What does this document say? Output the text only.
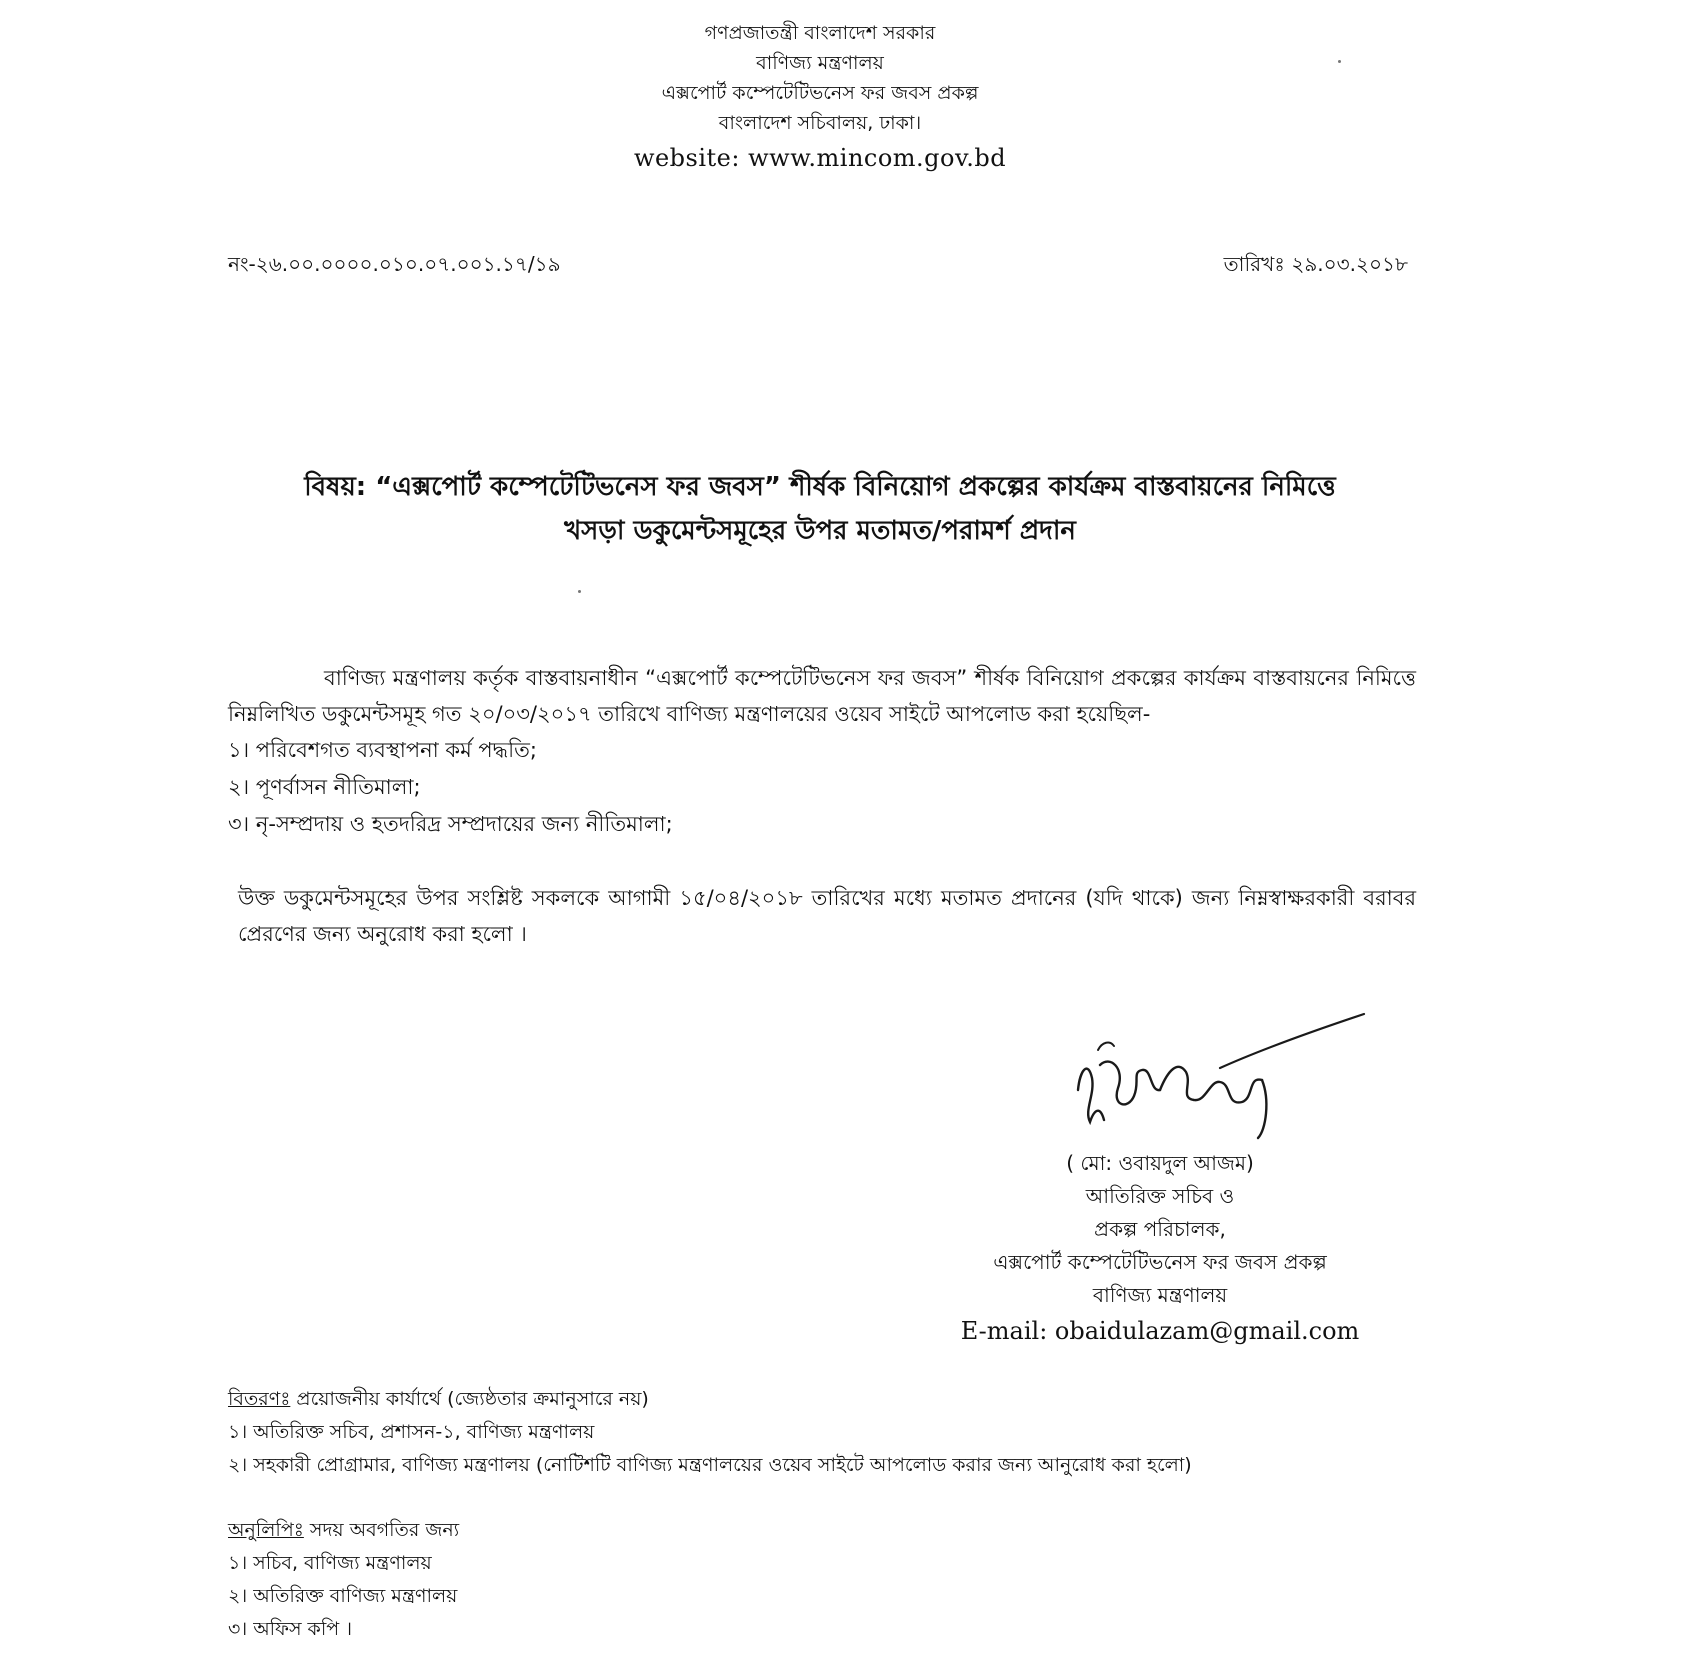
গণপ্রজাতন্ত্রী বাংলাদেশ সরকার
বাণিজ্য মন্ত্রণালয়
এক্সপোর্ট কম্পেটেটিভনেস ফর জবস প্রকল্প
বাংলাদেশ সচিবালয়, ঢাকা।
website: www.mincom.gov.bd
নং-২৬.০০.০০০০.০১০.০৭.০০১.১৭/১৯	তারিখঃ ২৯.০৩.২০১৮
বিষয়: “এক্সপোর্ট কম্পেটেটিভনেস ফর জবস” শীর্ষক বিনিয়োগ প্রকল্পের কার্যক্রম বাস্তবায়নের নিমিত্তে
খসড়া ডকুমেন্টসমূহের উপর মতামত/পরামর্শ প্রদান

বাণিজ্য মন্ত্রণালয় কর্তৃক বাস্তবায়নাধীন “এক্সপোর্ট কম্পেটেটিভনেস ফর জবস” শীর্ষক বিনিয়োগ প্রকল্পের কার্যক্রম বাস্তবায়নের নিমিত্তে নিম্নলিখিত ডকুমেন্টসমূহ গত ২০/০৩/২০১৭ তারিখে বাণিজ্য মন্ত্রণালয়ের ওয়েব সাইটে আপলোড করা হয়েছিল-

১। পরিবেশগত ব্যবস্থাপনা কর্ম পদ্ধতি;
২। পূণর্বাসন নীতিমালা;
৩। নৃ-সম্প্রদায় ও হতদরিদ্র সম্প্রদায়ের জন্য নীতিমালা;

উক্ত ডকুমেন্টসমূহের উপর সংশ্লিষ্ট সকলকে আগামী ১৫/০৪/২০১৮ তারিখের মধ্যে মতামত প্রদানের (যদি থাকে) জন্য নিম্নস্বাক্ষরকারী বরাবর প্রেরণের জন্য অনুরোধ করা হলো ।

( মো: ওবায়দুল আজম)
আতিরিক্ত সচিব ও
প্রকল্প পরিচালক,
এক্সপোর্ট কম্পেটেটিভনেস ফর জবস প্রকল্প
বাণিজ্য মন্ত্রণালয়
E-mail: obaidulazam@gmail.com
বিতরণঃ প্রয়োজনীয় কার্যার্থে (জ্যেষ্ঠতার ক্রমানুসারে নয়)
১। অতিরিক্ত সচিব, প্রশাসন-১, বাণিজ্য মন্ত্রণালয়
২। সহকারী প্রোগ্রামার, বাণিজ্য মন্ত্রণালয় (নোটিশটি বাণিজ্য মন্ত্রণালয়ের ওয়েব সাইটে আপলোড করার জন্য আনুরোধ করা হলো)
অনুলিপিঃ সদয় অবগতির জন্য
১। সচিব, বাণিজ্য মন্ত্রণালয়
২। অতিরিক্ত বাণিজ্য মন্ত্রণালয়
৩। অফিস কপি ।
